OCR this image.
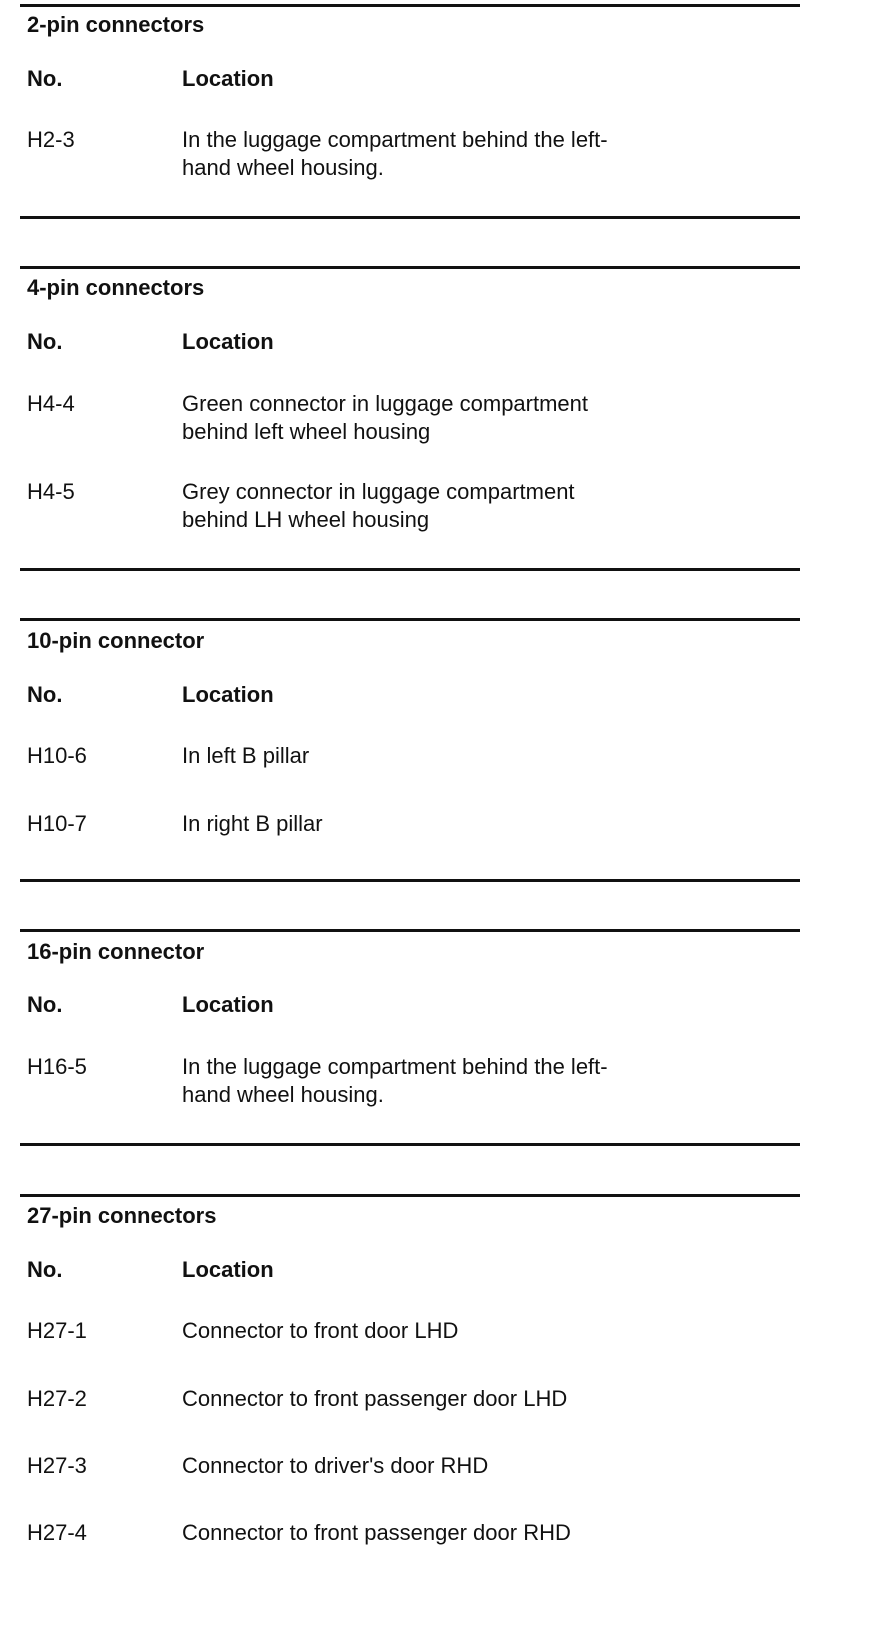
2-pin connectors
No.	Location
H2-3	In the luggage compartment behind the left-
hand wheel housing.
4-pin connectors
No.	Location
H4-4	Green connector in luggage compartment
behind left wheel housing
H4-5	Grey connector in luggage compartment
behind LH wheel housing
10-pin connector
No.	Location
H10-6	In left B pillar
H10-7	In right B pillar
16-pin connector
No.	Location
H16-5	In the luggage compartment behind the left-
hand wheel housing.
27-pin connectors
No.	Location
H27-1	Connector to front door LHD
H27-2	Connector to front passenger door LHD
H27-3	Connector to driver's door RHD
H27-4	Connector to front passenger door RHD
